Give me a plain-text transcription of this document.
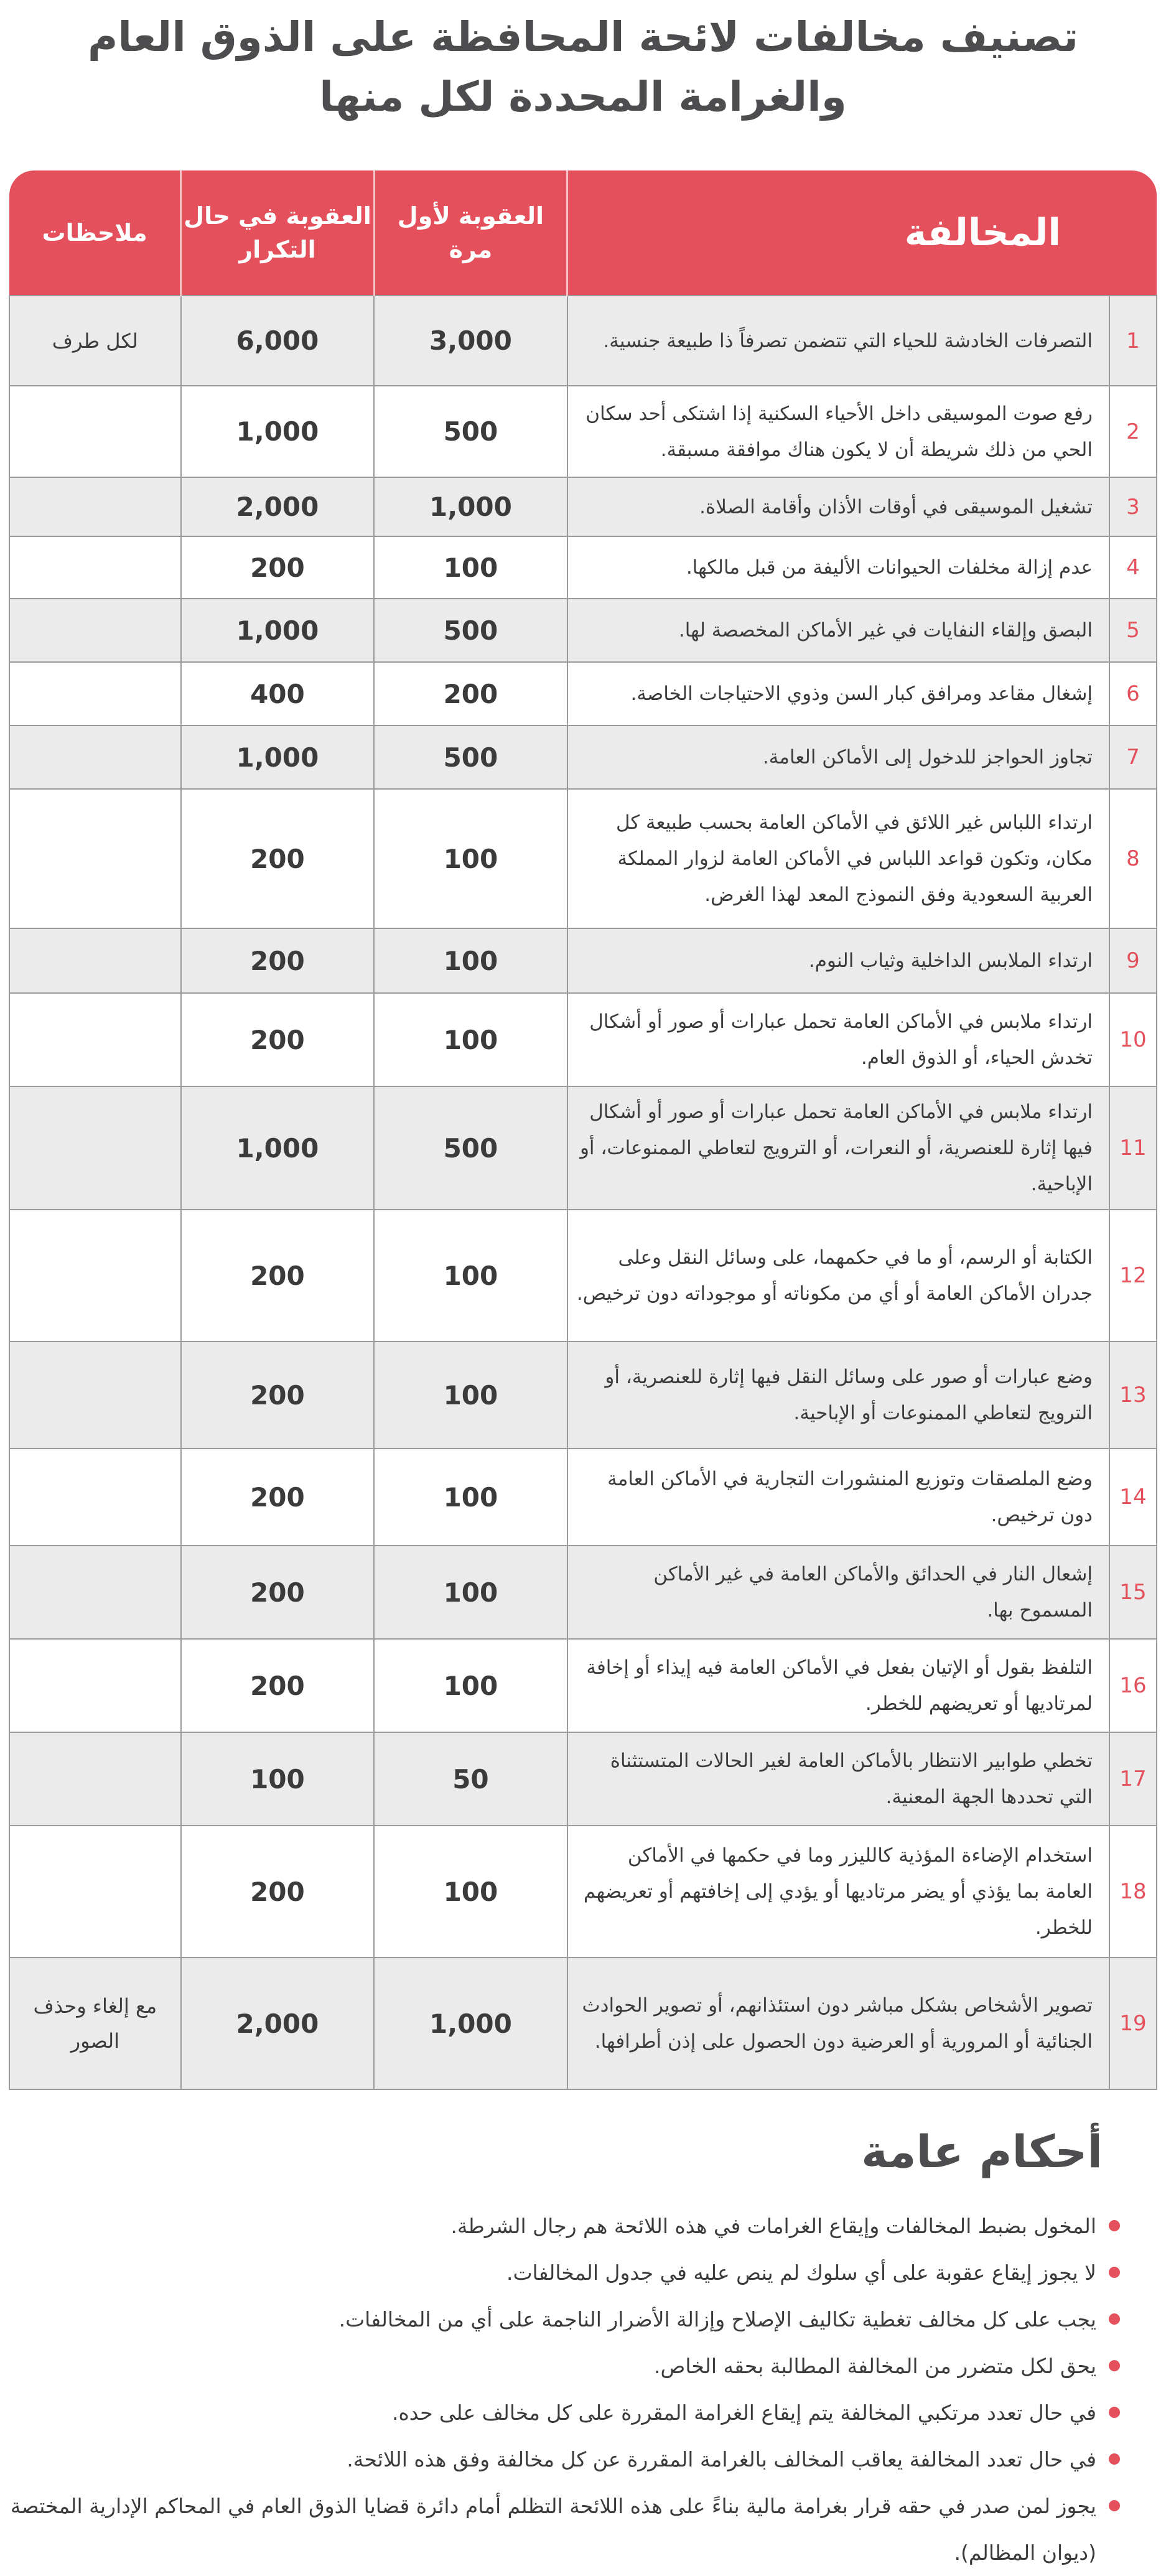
تصنيف مخالفات لائحة المحافظة على الذوق العام
والغرامة المحددة لكل منها
	المخالفة	العقوبة لأول مرة	العقوبة في حال التكرار	ملاحظات
1	التصرفات الخادشة للحياء التي تتضمن تصرفاً ذا طبيعة جنسية.	3,000	6,000	لكل طرف
2	رفع صوت الموسيقى داخل الأحياء السكنية إذا اشتكى أحد سكان الحي من ذلك شريطة أن لا يكون هناك موافقة مسبقة.	500	1,000	
3	تشغيل الموسيقى في أوقات الأذان وأقامة الصلاة.	1,000	2,000	
4	عدم إزالة مخلفات الحيوانات الأليفة من قبل مالكها.	100	200	
5	البصق وإلقاء النفايات في غير الأماكن المخصصة لها.	500	1,000	
6	إشغال مقاعد ومرافق كبار السن وذوي الاحتياجات الخاصة.	200	400	
7	تجاوز الحواجز للدخول إلى الأماكن العامة.	500	1,000	
8	ارتداء اللباس غير اللائق في الأماكن العامة بحسب طبيعة كل مكان، وتكون قواعد اللباس في الأماكن العامة لزوار المملكة العربية السعودية وفق النموذج المعد لهذا الغرض.	100	200	
9	ارتداء الملابس الداخلية وثياب النوم.	100	200	
10	ارتداء ملابس في الأماكن العامة تحمل عبارات أو صور أو أشكال تخدش الحياء، أو الذوق العام.	100	200	
11	ارتداء ملابس في الأماكن العامة تحمل عبارات أو صور أو أشكال فيها إثارة للعنصرية، أو النعرات، أو الترويج لتعاطي الممنوعات، أو الإباحية.	500	1,000	
12	الكتابة أو الرسم، أو ما في حكمهما، على وسائل النقل وعلى جدران الأماكن العامة أو أي من مكوناته أو موجوداته دون ترخيص.	100	200	
13	وضع عبارات أو صور على وسائل النقل فيها إثارة للعنصرية، أو الترويج لتعاطي الممنوعات أو الإباحية.	100	200	
14	وضع الملصقات وتوزيع المنشورات التجارية في الأماكن العامة دون ترخيص.	100	200	
15	إشعال النار في الحدائق والأماكن العامة في غير الأماكن المسموح بها.	100	200	
16	التلفظ بقول أو الإتيان بفعل في الأماكن العامة فيه إيذاء أو إخافة لمرتاديها أو تعريضهم للخطر.	100	200	
17	تخطي طوابير الانتظار بالأماكن العامة لغير الحالات المتستثناة التي تحددها الجهة المعنية.	50	100	
18	استخدام الإضاءة المؤذية كالليزر وما في حكمها في الأماكن العامة بما يؤذي أو يضر مرتاديها أو يؤدي إلى إخافتهم أو تعريضهم للخطر.	100	200	
19	تصوير الأشخاص بشكل مباشر دون استئذانهم، أو تصوير الحوادث الجنائية أو المرورية أو العرضية دون الحصول على إذن أطرافها.	1,000	2,000	مع إلغاء وحذف الصور
أحكام عامة
المخول بضبط المخالفات وإيقاع الغرامات في هذه اللائحة هم رجال الشرطة.
لا يجوز إيقاع عقوبة على أي سلوك لم ينص عليه في جدول المخالفات.
يجب على كل مخالف تغطية تكاليف الإصلاح وإزالة الأضرار الناجمة على أي من المخالفات.
يحق لكل متضرر من المخالفة المطالبة بحقه الخاص.
في حال تعدد مرتكبي المخالفة يتم إيقاع الغرامة المقررة على كل مخالف على حده.
في حال تعدد المخالفة يعاقب المخالف بالغرامة المقررة عن كل مخالفة وفق هذه اللائحة.
يجوز لمن صدر في حقه قرار بغرامة مالية بناءً على هذه اللائحة التظلم أمام دائرة قضايا الذوق العام في المحاكم الإدارية المختصة (ديوان المظالم).
